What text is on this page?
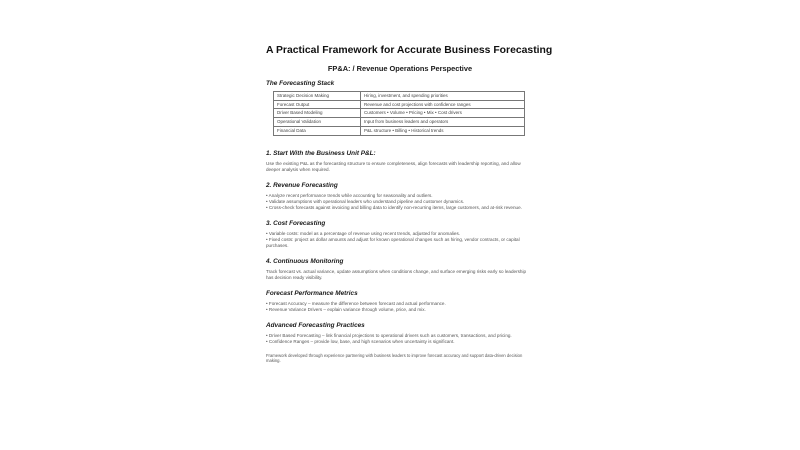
A Practical Framework for Accurate Business Forecasting
FP&A: / Revenue Operations Perspective
The Forecasting Stack
Strategic Decision Making	Hiring, investment, and spending priorities
Forecast Output	Revenue and cost projections with confidence ranges
Driver Based Modeling	Customers • Volume • Pricing • Mix • Cost drivers
Operational Validation	Input from business leaders and operators
Financial Data	P&L structure • Billing • Historical trends
1. Start With the Business Unit P&L:

Use the existing P&L as the forecasting structure to ensure completeness, align forecasts with leadership reporting, and allow deeper analysis when required.

2. Revenue Forecasting
• Analyze recent performance trends while accounting for seasonality and outliers.
• Validate assumptions with operational leaders who understand pipeline and customer dynamics.
• Cross-check forecasts against invoicing and billing data to identify non-recurring items, large customers, and at-risk revenue.
3. Cost Forecasting
• Variable costs: model as a percentage of revenue using recent trends, adjusted for anomalies.
• Fixed costs: project as dollar amounts and adjust for known operational changes such as hiring, vendor contracts, or capital purchases.
4. Continuous Monitoring

Track forecast vs. actual variance, update assumptions when conditions change, and surface emerging risks early so leadership has decision ready visibility.

Forecast Performance Metrics
• Forecast Accuracy – measure the difference between forecast and actual performance.
• Revenue Variance Drivers – explain variance through volume, price, and mix.
Advanced Forecasting Practices
• Driver Based Forecasting – link financial projections to operational drivers such as customers, transactions, and pricing.
• Confidence Ranges – provide low, base, and high scenarios when uncertainty is significant.

Framework developed through experience partnering with business leaders to improve forecast accuracy and support data-driven decision making.
